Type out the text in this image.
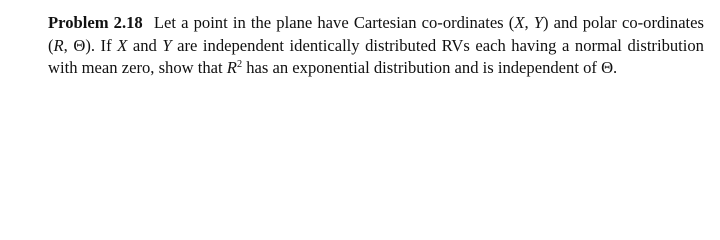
Problem 2.18 Let a point in the plane have Cartesian co-ordinates (X, Y) and polar co-ordinates (R, Θ). If X and Y are independent identically distributed RVs each having a normal distribution with mean zero, show that $R^2$ has an exponential distribution and is independent of Θ.
